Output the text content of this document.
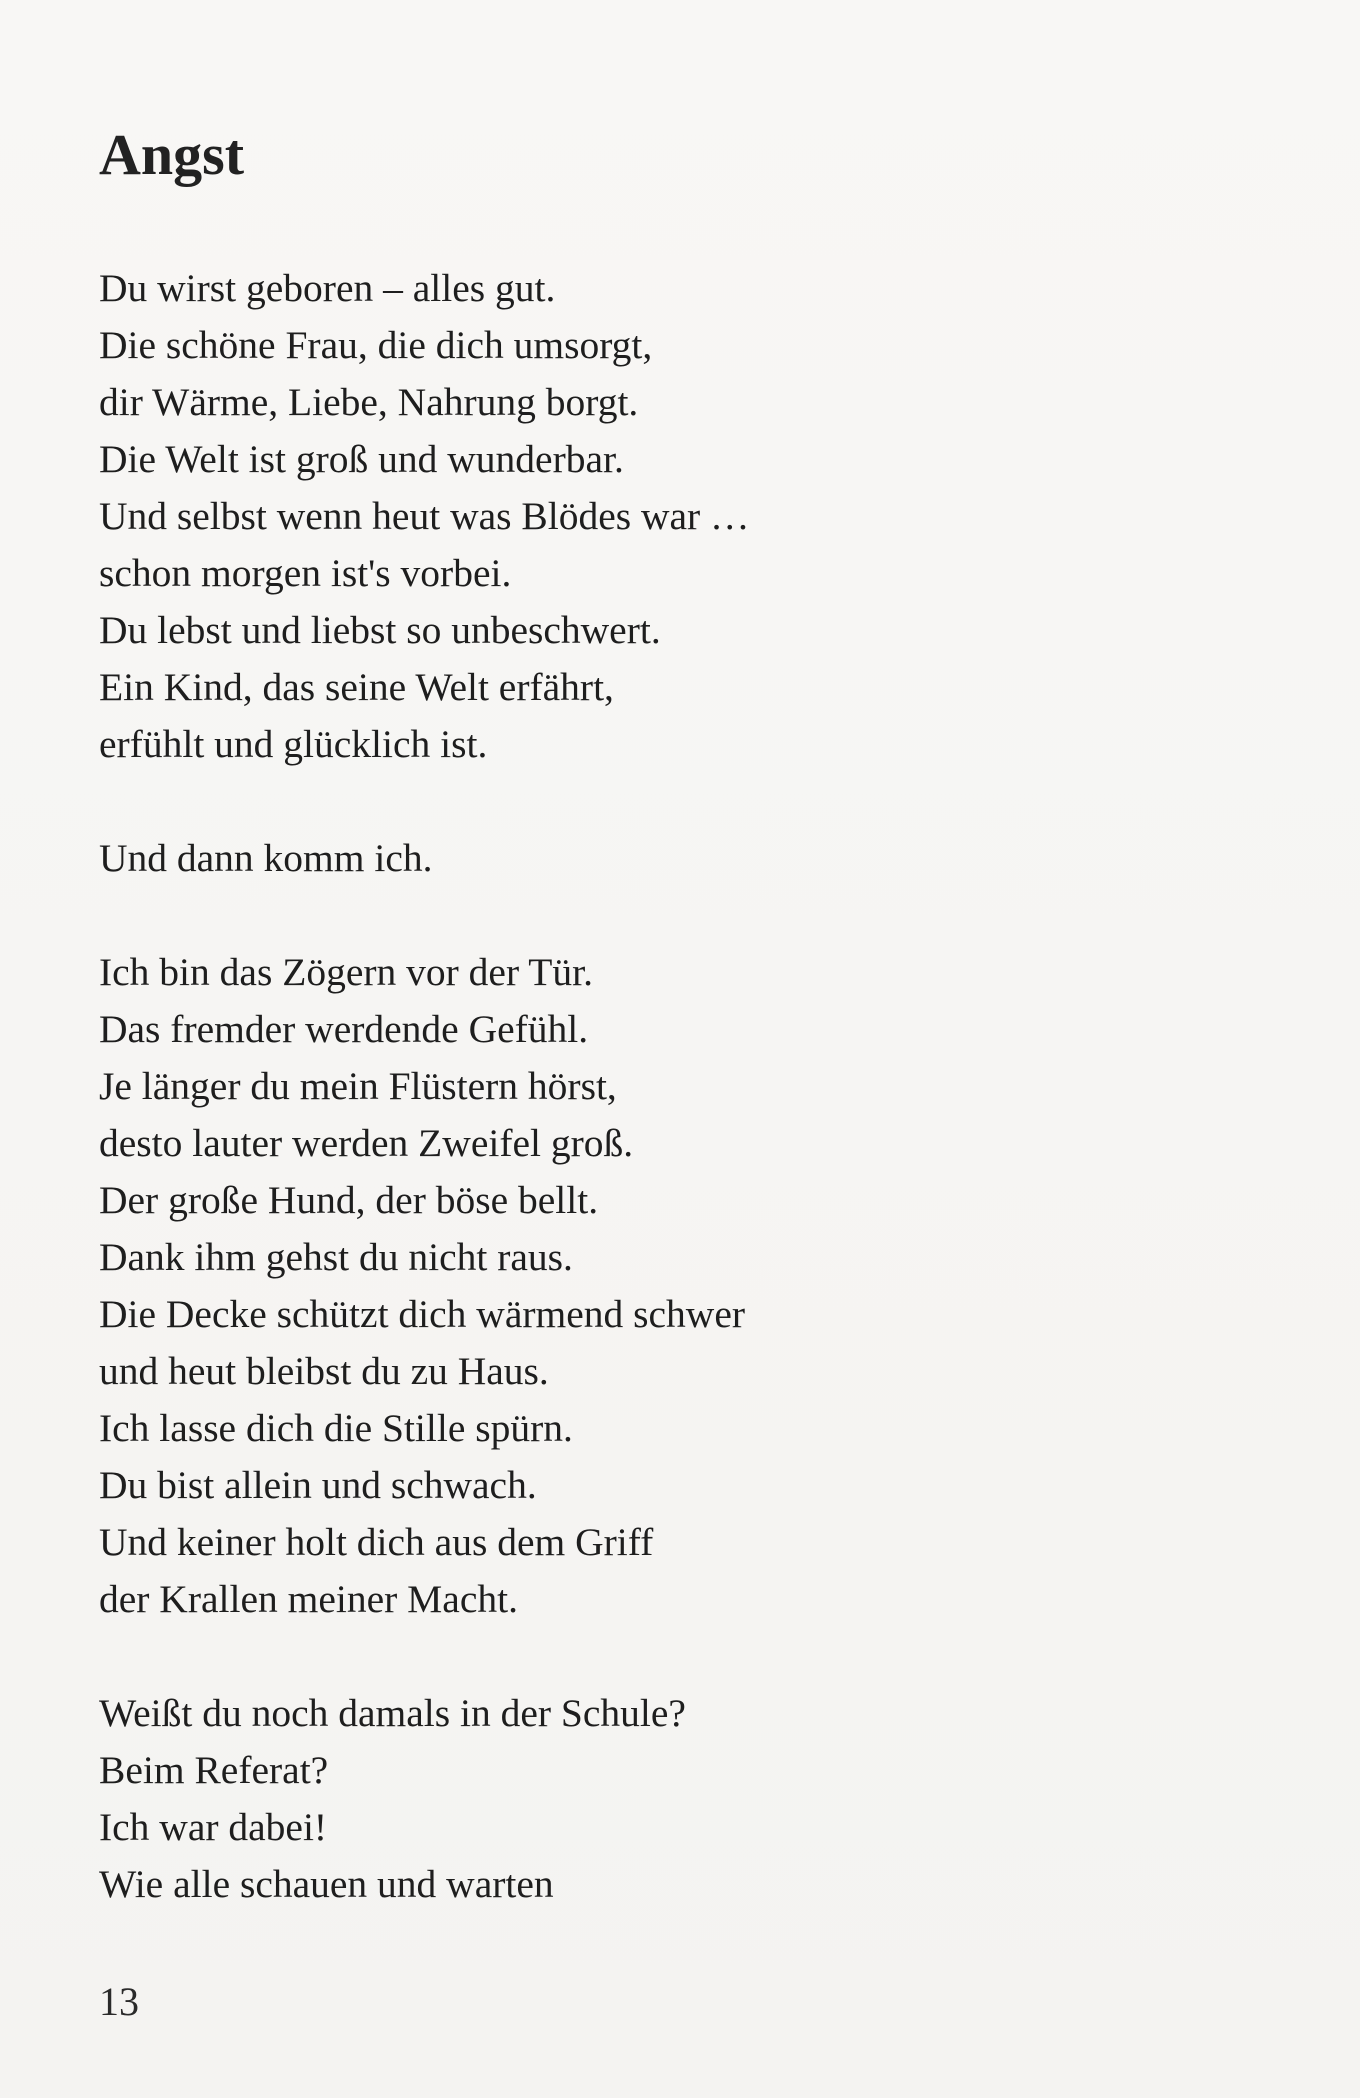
Angst
Du wirst geboren – alles gut.
Die schöne Frau, die dich umsorgt,
dir Wärme, Liebe, Nahrung borgt.
Die Welt ist groß und wunderbar.
Und selbst wenn heut was Blödes war …
schon morgen ist's vorbei.
Du lebst und liebst so unbeschwert.
Ein Kind, das seine Welt erfährt,
erfühlt und glücklich ist.
Und dann komm ich.
Ich bin das Zögern vor der Tür.
Das fremder werdende Gefühl.
Je länger du mein Flüstern hörst,
desto lauter werden Zweifel groß.
Der große Hund, der böse bellt.
Dank ihm gehst du nicht raus.
Die Decke schützt dich wärmend schwer
und heut bleibst du zu Haus.
Ich lasse dich die Stille spürn.
Du bist allein und schwach.
Und keiner holt dich aus dem Griff
der Krallen meiner Macht.
Weißt du noch damals in der Schule?
Beim Referat?
Ich war dabei!
Wie alle schauen und warten
13
